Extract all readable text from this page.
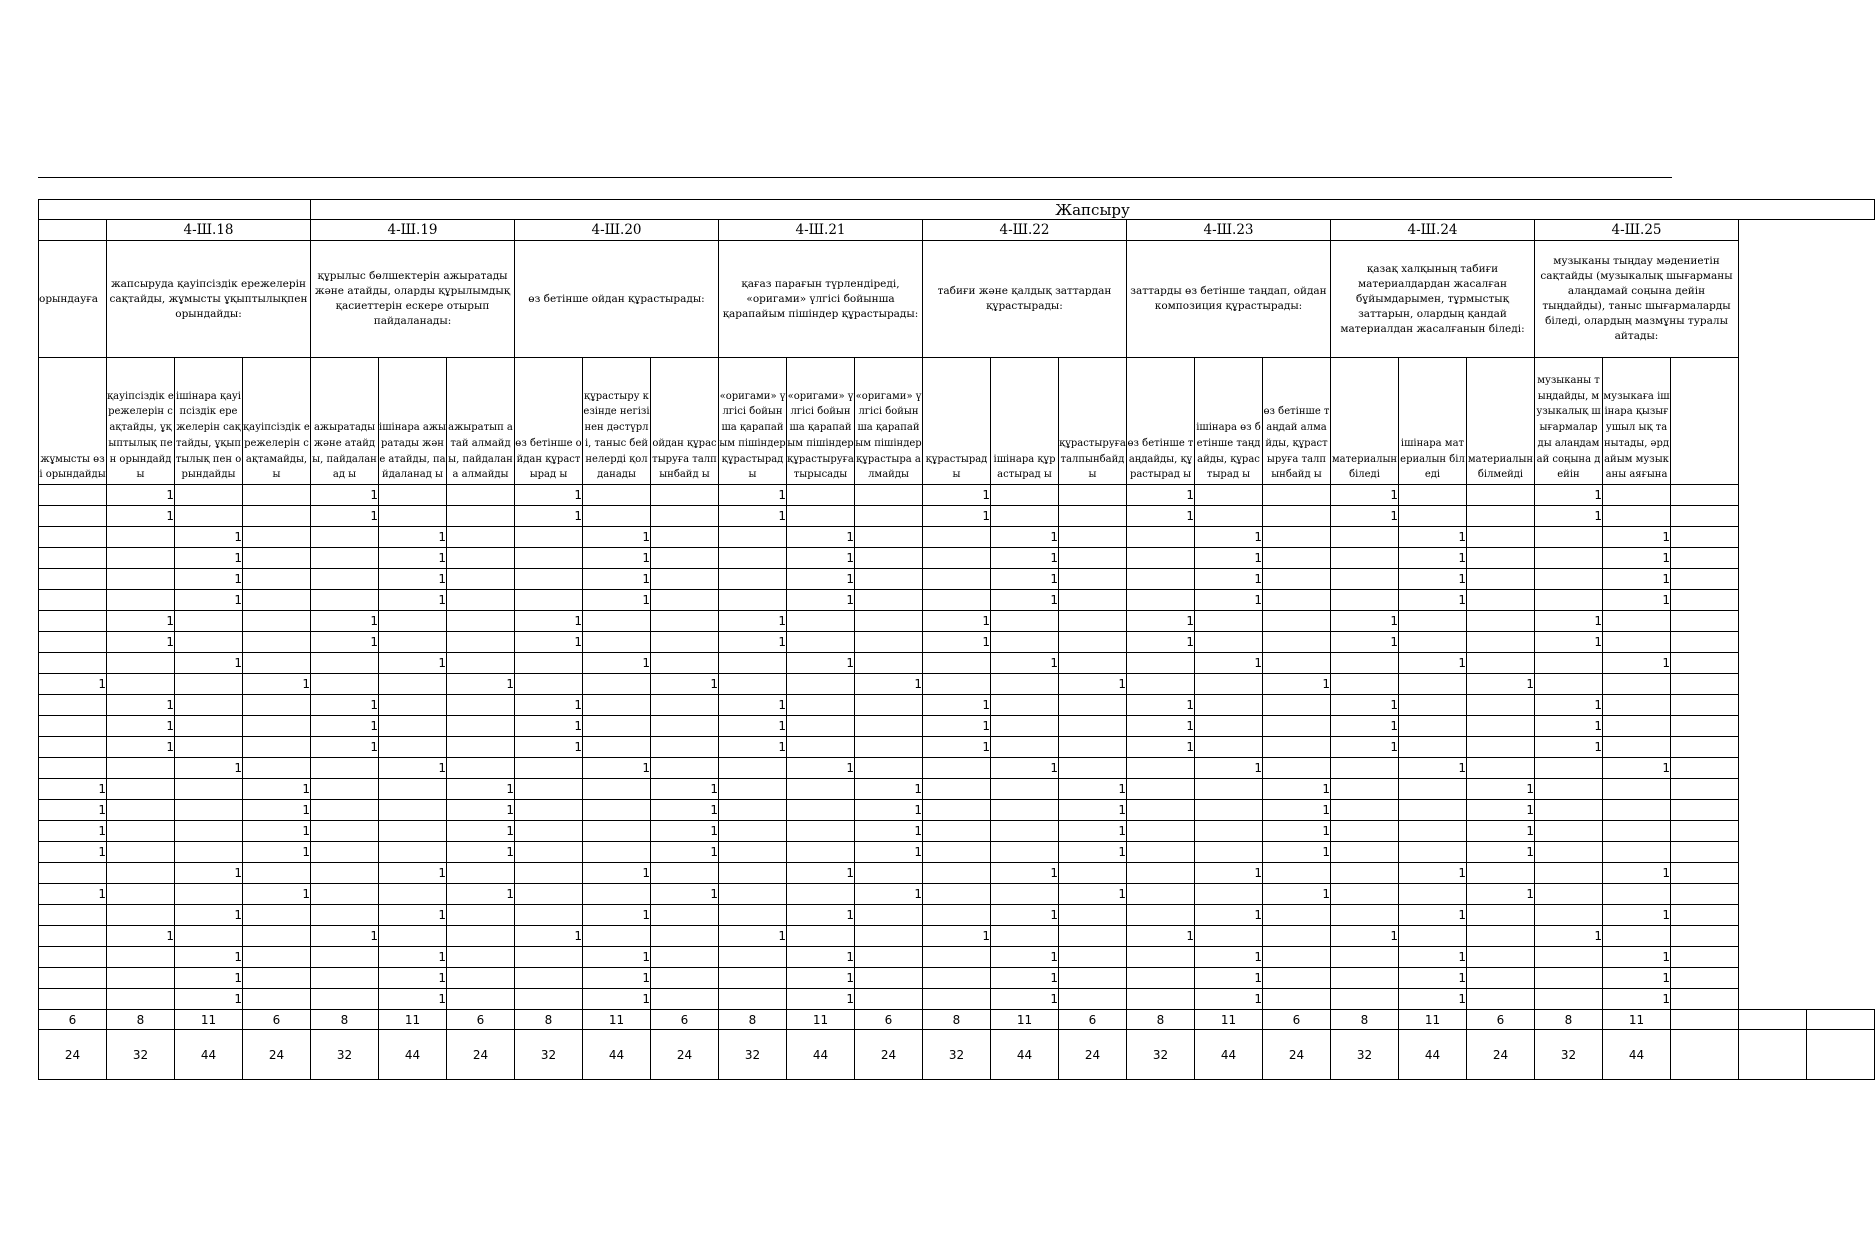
				Жапсыру																						
	4-Ш.18			4-Ш.19			4-Ш.20			4-Ш.21			4-Ш.22			4-Ш.23			4-Ш.24			4-Ш.25				
орындауға	жапсыруда қауіпсіздік ережелерін сақтайды, жұмысты ұқыптылықпен орындайды:			құрылыс бөлшектерін ажыратады және атайды, оларды құрылымдық қасиеттерін ескере отырып пайдаланады:			өз бетінше ойдан құрастырады:			қағаз парағын түрлендіреді, «оригами» үлгісі бойынша қарапайым пішіндер құрастырады:			табиғи және қалдық заттардан құрастырады:			заттарды өз бетінше таңдап, ойдан композиция құрастырады:			қазақ халқының табиғи материалдардан жасалған бұйымдарымен, тұрмыстық заттарын, олардың қандай материалдан жасалғанын біледі:			музыканы тыңдау мәдениетін сақтайды (музыкалық шығарманы алаңдамай соңына дейін тыңдайды), таныс шығармаларды біледі, олардың мазмұны туралы айтады:				

жұмысты өзі орындайды	қауіпсіздік ережелерін сақтайды, ұқыптылық пен орындайды	ішінара қауіпсіздік ережелерін сақтайды, ұқыптылық пен орындайды	қауіпсіздік ережелерін сақтамайды, ы	ажыратады және атайды, пайдаланад ы	ішінара ажыратады және атайды, пайдаланад ы	ажыратып атай алмайды, пайдалана алмайды	өз бетінше ойдан құрастырад ы	құрастыру кезінде негізінен дәстүрлі, таныс бейнелерді қолданады	ойдан құрастыруға талпынбайд ы	«оригами» үлгісі бойынша қарапайым пішіндер құрастырад ы	«оригами» үлгісі бойынша қарапайым пішіндер құрастыруға тырысады	«оригами» үлгісі бойынша қарапайым пішіндер құрастыра алмайды	құрастырад ы	ішінара құрастырад ы	құрастыруға талпынбайд ы	өз бетінше таңдайды, құрастырад ы	ішінара өз бетінше таңдайды, құрастырад ы	өз бетінше таңдай алмайды, құрастыруға талпынбайд ы	материалын біледі	ішінара материалын біледі	материалын білмейді	музыканы тыңдайды, музыкалық шығармалар ды алаңдамай соңына дейін	музыкаға ішінара қызығушыл ық танытады, әрдайым музыканы аяғына			

	1			1			1			1			1			1			1			1				
	1			1			1			1			1			1			1			1				
		1			1			1			1			1			1			1			1			
		1			1			1			1			1			1			1			1			
		1			1			1			1			1			1			1			1			
		1			1			1			1			1			1			1			1			
	1			1			1			1			1			1			1			1				
	1			1			1			1			1			1			1			1				
		1			1			1			1			1			1			1			1			
1			1			1			1			1			1			1			1					
	1			1			1			1			1			1			1			1				
	1			1			1			1			1			1			1			1				
	1			1			1			1			1			1			1			1				
		1			1			1			1			1			1			1			1			
1			1			1			1			1			1			1			1					
1			1			1			1			1			1			1			1					
1			1			1			1			1			1			1			1					
1			1			1			1			1			1			1			1					
		1			1			1			1			1			1			1			1			
1			1			1			1			1			1			1			1					
		1			1			1			1			1			1			1			1			
	1			1			1			1			1			1			1			1				
		1			1			1			1			1			1			1			1			
		1			1			1			1			1			1			1			1			
		1			1			1			1			1			1			1			1			
6	8	11	6	8	11	6	8	11	6	8	11	6	8	11	6	8	11	6	8	11	6	8	11			
24	32	44	24	32	44	24	32	44	24	32	44	24	32	44	24	32	44	24	32	44	24	32	44			
